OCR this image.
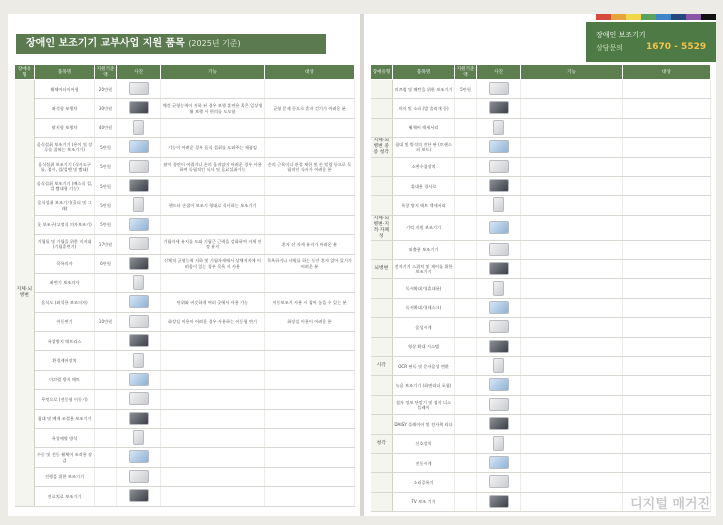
장애인 보조기기 교부사업 지원 품목 (2025년 기준)
장애유형	품목명	지원기준액	사진	기능	대상
지체·뇌병변	휠체어타이어형	20만원			
	좌석형 보행차	30만원		체간 균형능력이 저하 된 경우 보행 훈련용 혹은 일상생활 보행 시 편의를 도모함	균형 문제 등으로 혼자 걷기가 어려운 분
	팔지형 보행차	40만원			
	음식섭취 보조기기 (용이 및 장루를 잡혀는 보조기기)	5만원		기능이 어려운 경우 음식 섭취를 도와주는 제품임	
	음식섭취 보조기기 (식사도구틀, 접시, 컵/컵밴 및 빨대)	5만원		팔이 경련이 어렵거나 손의 움직임이 어려운 경우 사용하여 독립적인 식사 및 음료섭취가능	손의 근육이나 관절 제한 및 손 떨림 등으로 독립적인 식사가 어려운 분
	음식섭취 보조기기 (배스식 컵, 컵 빨대형 기능)	5만원			
	음식섭취 보조기기(홀더 및 그래)	5만원		핸드타 손잡이 보조기 형태로 식사하는 보조기기	
	옷 보조구(고정식 의자보조기)	5만원			
	기립틀 및 기립을 위한 지지대 (기립훈련기)	17만원		기립자세 유지를 도와 기립근 근력을 강화하여 자세 안정 유지	혼자 선 자세 유지가 어려운 분
	목욕의자	6만원		신체적 균형능력 저하 및 기립자세에서 상체지지에 어려움이 있는 경우 목욕 시 사용	목욕하거나 샤워를 하는 동안 혼자 앉아 있기가 어려운 분
	좌변기 보조의자				
	음식도 (좌석용 보조의자)			단위와 비슷하게 여러 곳에서 사용 가능	이동보조기 사용 시 잡아 놓을 수 있는 분
	이동변기	10만원		화장실 이용이 어려운 경우 사용하는 이동형 변기	화장실 이용이 어려운 분
	욕창방지 매트리스				
	환경제어장치				
	미끄럼 방지 매트				
	무엇으로 (전동형 이동기)				
	침대 및 베개 조절용 보조기기				
	욕창예방 방석				
	수동 및 전동 휠체어 조작용 장갑				
	진행을 위한 보조기기				
	진료치료 보조기기				
장애인 보조기기
상담문의	1670 - 5529
장애유형	품목명	지원기준액	사진	기능	대상
	미끄럼 및 패턴을 위한 보조기기	5만원			
	의자 및 소파 (발 올리개 등)				
	휠체어 액세서리				
지체·뇌병변 중증 청각	침대 및 방석의 진단 판 (트랜스퍼 보드)				
	소변수집장치				
	휴대용 경사로				
	욕창 방지 매트 액세서리				
지체·뇌병변·지적·자폐성	기억 지원 보조기기				
	외출용 보조기기				
뇌병변	전자기기 스위치 및 제어를 위한 보조기기				
	독서확대기(휴대용)				
	독서확대기(데스크)				
	음성시계				
	영상 확대 시스템				
시각	OCR 판독 및 문자음성 변환				
	녹음 보조기기 (화면리더 포함)				
	점자 정보 단말기 및 점자 디스플레이				
	DAISY 플레이어 및 전자책 리더				
청각	신호장치				
	진동시계				
	소리증폭기				
	TV 보조 기기					디지털 매거진
